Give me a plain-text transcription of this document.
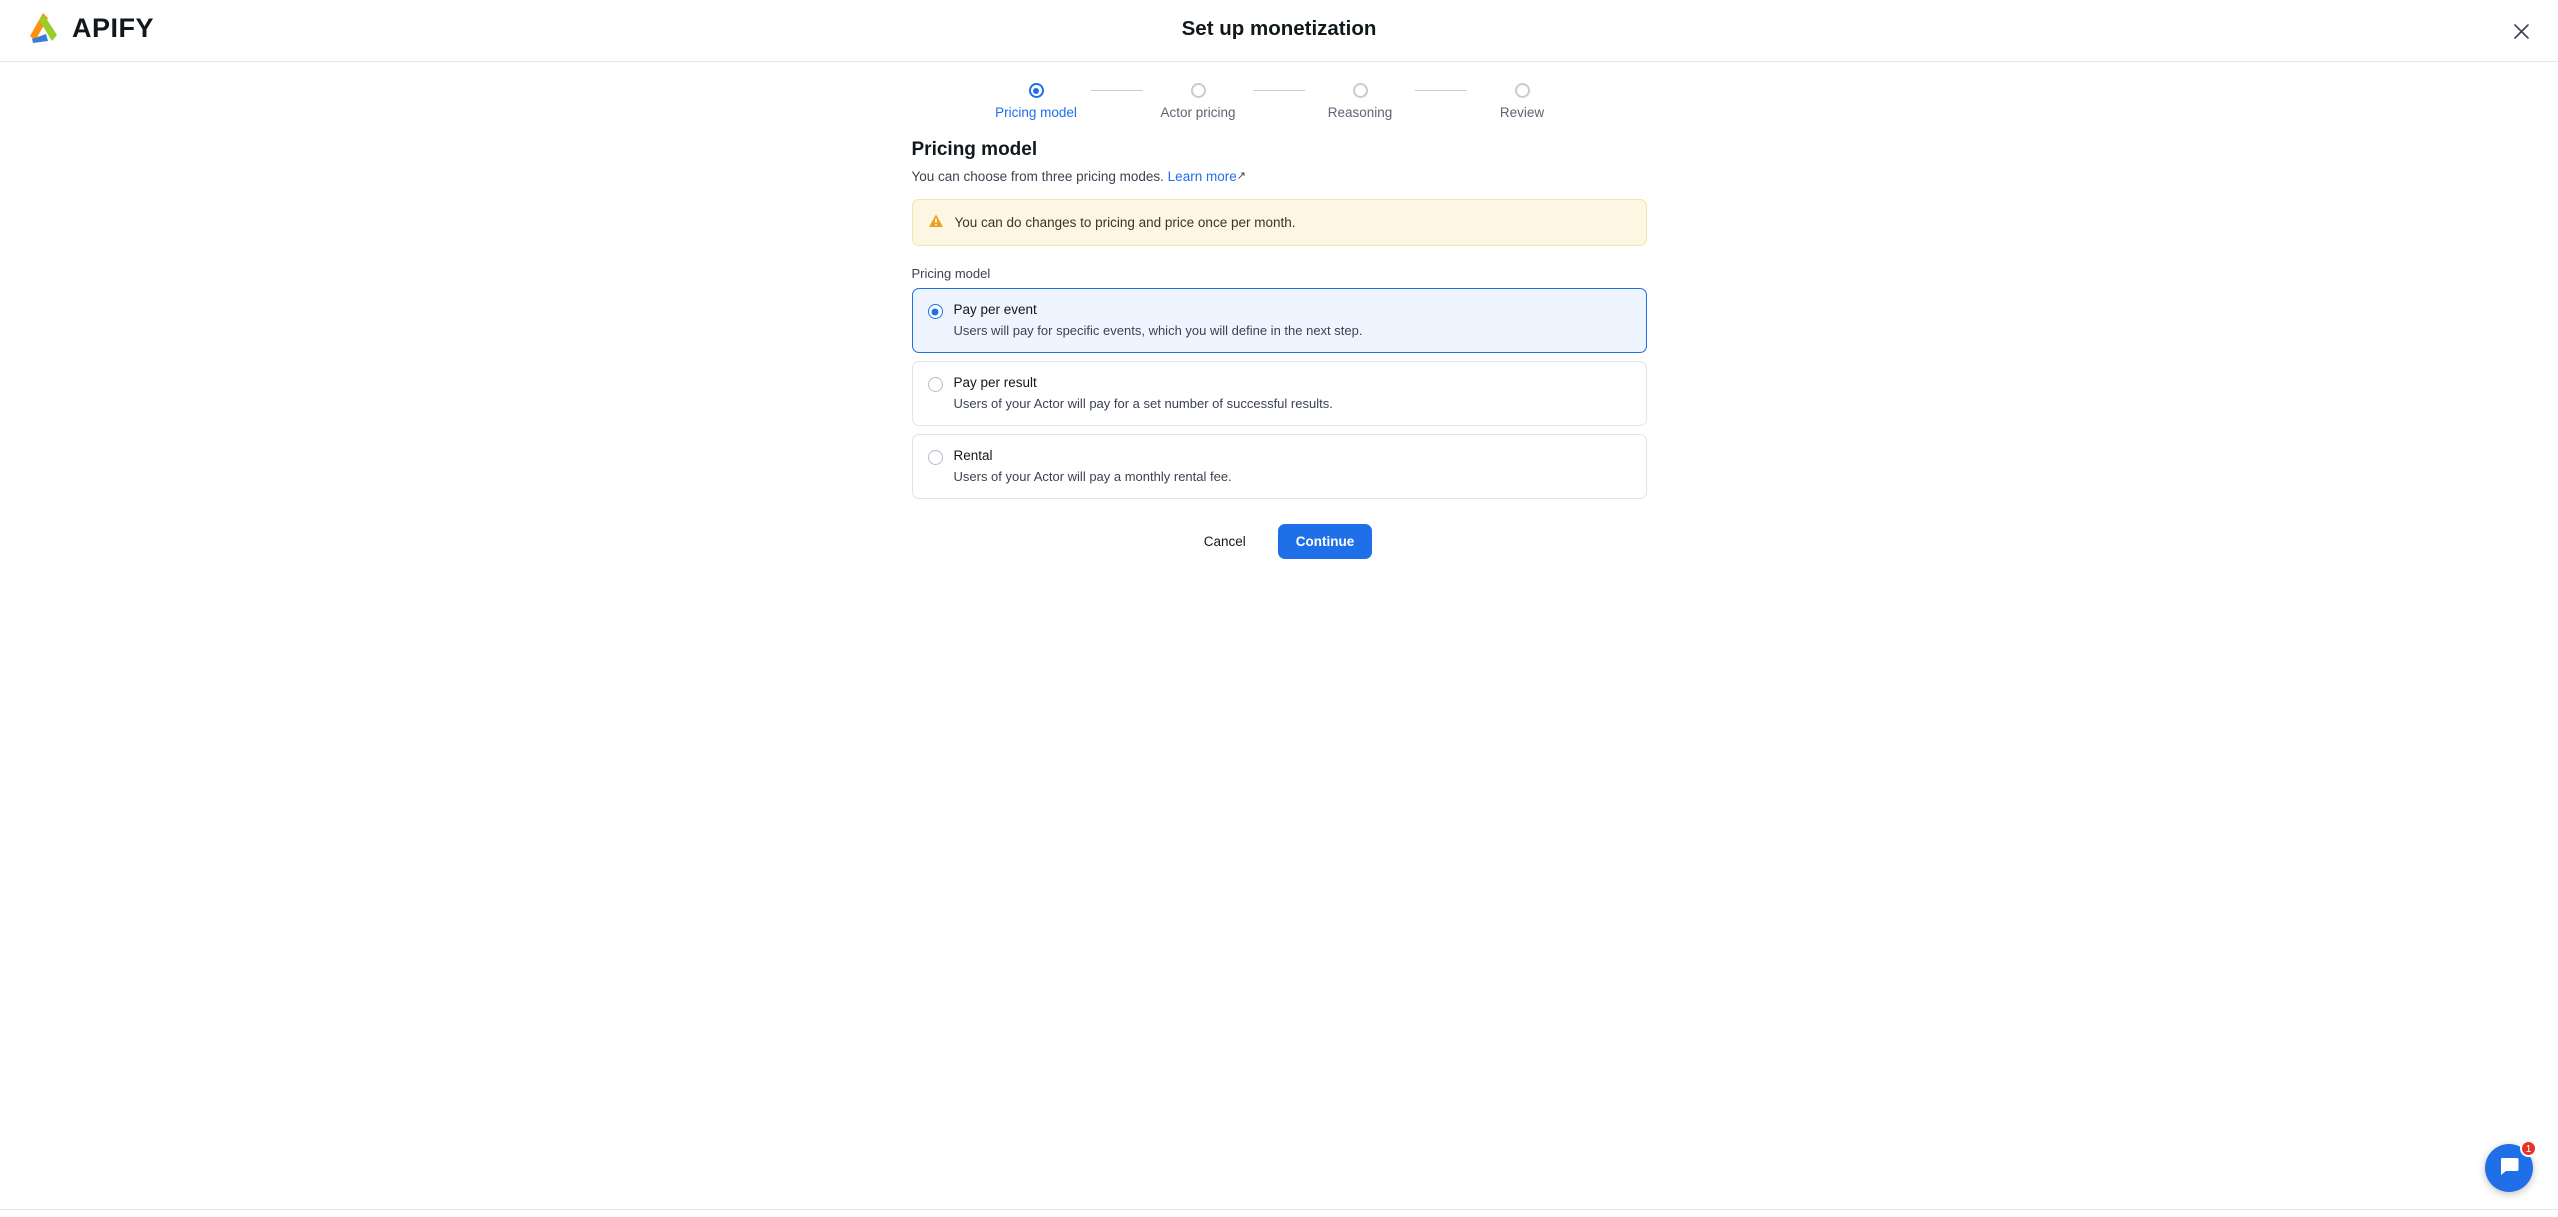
APIFY	Set up monetization
Pricing model	Actor pricing	Reasoning	Review
Pricing model

You can choose from three pricing modes. Learn more↗

You can do changes to pricing and price once per month.
Pricing model
Pay per event
Users will pay for specific events, which you will define in the next step.
Pay per result
Users of your Actor will pay for a set number of successful results.
Rental
Users of your Actor will pay a monthly rental fee.
Cancel	Continue
1
